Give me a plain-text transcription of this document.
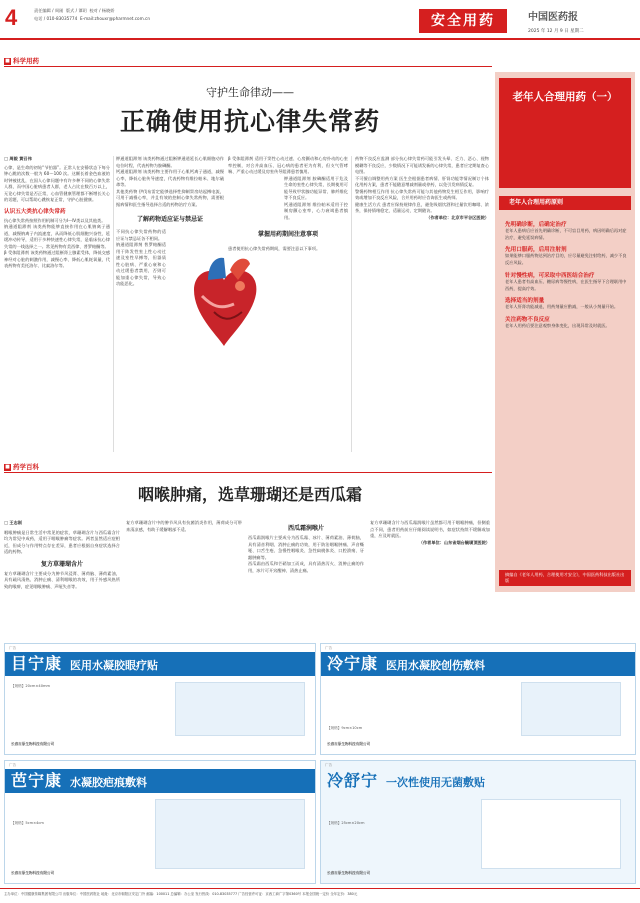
4	责任编辑 / 周刚 版式 / 谭玥 校对 / 杨晓娇
电话 / 010-83035774 E-mail:zhouxr@pharmnet.com.cn	安全用药	中国医药报
2025 年 12 月 9 日 星期二
■ 科学用药
守护生命律动——
正确使用抗心律失常药
□ 周毅 黄召伟
心律，是生命的初始“节拍器”。正常人在安静状态下每分钟心跳的次数一般为 60～100 次。这颗长着金色血液的时钟被扰乱，在国人心律问题中有许多种不同的心律失常人群，而中国心脏病患者人群，老人占比在数百万以上，无论心律失常是否正常，心血管健康管理都不断增长关心的话题，可以帮助心跳恢复正常，守护心脏健康。
认识五大类抗心律失常药
抗心律失常药按照作用机制可分为Ⅰ～Ⅳ类以及其他类。
钠通道阻滞剂 该类药物能够直接作用在心肌钠离子通道，减慢钠离子内流速度，从而降低心肌细胞兴奋性，延缓冲动传导，适用于多种快速性心律失常，是临床抗心律失常的一线选择之一。常见药物有美西律、普罗帕酮等。
β 受体阻滞剂 该类药物通过阻断肾上腺素受体，降低交感神经对心脏的刺激作用，减慢心率、降低心肌耗氧量，代表药物有美托洛尔、比索洛尔等。
钾通道阻滞剂 该类药物通过阻断钾通道延长心肌细胞动作电位时程，代表药物为胺碘酮。
钙通道阻滞剂 该类药物主要作用于心肌钙离子通道，减慢心率，降低心脏传导速度，代表药物有维拉帕米、地尔硫䓬等。
其他类药物 伊伐布雷定能够选择性抑制窦房结起搏电流，可用于减慢心率，并且有效的控制心律失常药物，需要根据病情和医生指导选择合适的药物治疗方案。
了解药物适应证与禁忌证
不同抗心律失常药物的适应证与禁忌证各不相同。
钠通道阻滞剂 普罗帕酮适用于阵发性室上性心动过速及室性早搏等，但器质性心脏病、严重心衰和心动过缓患者禁用，否则可能加重心律失常，导致心功能恶化。
β 受体阻滞剂 适用于窦性心动过速、心房颤动和心房扑动的心室率控制，对合并高血压、冠心病的患者更为有利，但支气管哮喘、严重心动过缓及房室传导阻滞患者慎用。
钾通道阻滞剂 胺碘酮适用于危及生命的室性心律失常，长期使用可能导致甲状腺功能异常、肺纤维化等不良反应。
钙通道阻滞剂 维拉帕米适用于控制房颤心室率，心力衰竭患者慎用。
掌握用药期间注意事项
患者使用抗心律失常药期间，需要注意以下事项。
药物不良反应监测 部分抗心律失常药可能引发头晕、乏力、恶心、视物模糊等不良反应，少数情况下可能诱发新的心律失常，患者应定期复查心电图。
不可擅自调整用药方案 医生会根据患者病情、肝肾功能等情况制订个体化用药方案，患者不能随意增减剂量或停药，以免引发病情反复。
警惕药物相互作用 抗心律失常药可能与其他药物发生相互作用，影响疗效或增加不良反应风险，合并用药时应咨询医生或药师。
健康生活方式 患者应保持规律作息，避免吸烟饮酒和过量饮用咖啡、浓茶，保持情绪稳定，适量运动，定期随访。
（作者单位：北京市平谷区医院）
■ 药学百科
咽喉肿痛，选草珊瑚还是西瓜霜
□ 王志刚
咽喉肿痛是日常生活中常见的症状，草珊瑚含片与西瓜霜含片均为常见中成药，适用于咽喉肿痛等症状。两者虽然适应症相近，但成分与作用特点存在差异，患者应根据自身症状选择合适的药物。
复方草珊瑚含片
复方草珊瑚含片主要成分为肿节风浸膏、薄荷脑、薄荷素油，具有疏风清热、消肿止痛、清利咽喉的功效，用于外感风热所致的喉痹，症见咽喉肿痛、声哑失音等。
复方草珊瑚含片中的肿节风具有抗菌消炎作用，薄荷成分可带来清凉感，有助于缓解咽部不适。	西瓜霜润喉片
西瓜霜润喉片主要成分为西瓜霜、冰片、薄荷素油、薄荷脑，具有清音利咽、消肿止痛的功效，用于防治咽喉肿痛、声音嘶哑、口舌生疮、急慢性咽喉炎、急性扁桃体炎、口腔溃疡、牙龈肿痛等。
西瓜霜由西瓜和芒硝加工而成，具有清热泻火、消肿止痛的作用，冰片可开窍醒神、清热止痛。
复方草珊瑚含片与西瓜霜润喉片虽然都可用于咽喉肿痛，但侧重点不同，患者用药前应仔细阅读说明书，如症状持续不缓解或加重，应及时就医。
（作者单位：山东省烟台毓璜顶医院）
老年人合理用药（一）
老年人合理用药原则
先明确诊断，后确定治疗
老年人患病后应首先明确诊断，不可盲目用药，病因明确后再对症治疗，避免延误病情。
先用口服药，后用注射剂
如果能够口服药物达到治疗目的，应尽量避免注射给药，减少不良反应风险。
针对慢性病，可采取中西医结合治疗
老年人患者有高血压、糖尿病等慢性病，在医生指导下合理联用中西药，提高疗效。
选择适当的剂量
老年人肝肾功能减退，用药剂量应酌减，一般从小剂量开始。
关注药物不良反应
老年人用药后要注意观察身体变化，出现异常及时就医。
摘编自《老年人用药，合理使用才安全》，中国医药科技出版社出版
广告
目宁康 医用水凝胶眼疗贴
【规格】20cm×40mm
长春吉原生物科技有限公司
广告
冷宁康 医用水凝胶创伤敷料
【规格】9cm×10cm
长春吉原生物科技有限公司
广告
芭宁康 水凝胶疤痕敷料
【规格】5cm×4cm
长春吉原生物科技有限公司
广告
冷舒宁 一次性使用无菌敷贴
【规格】25cm×20cm
长春吉原生物科技有限公司
主办单位：中国健康传媒集团有限公司 出版单位：中国医药报社 地址：北京市朝阳区安定门外 邮编：100011 总编辑：办公室 发行热线：010-83035777 广告经营许可证：京西工商广字第0360号 本报全国统一定价 全年定价：380元
